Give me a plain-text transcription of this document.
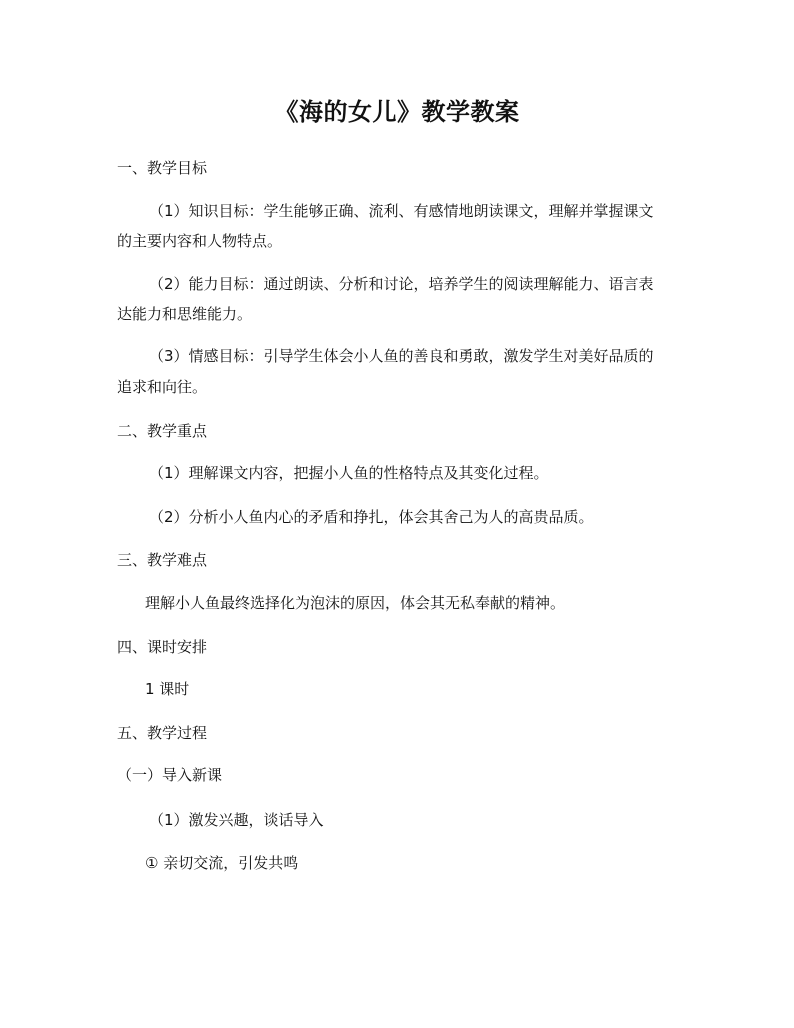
《海的女儿》教学教案
一、教学目标
（1）知识目标：学生能够正确、流利、有感情地朗读课文，理解并掌握课文
的主要内容和人物特点。
（2）能力目标：通过朗读、分析和讨论，培养学生的阅读理解能力、语言表
达能力和思维能力。
（3）情感目标：引导学生体会小人鱼的善良和勇敢，激发学生对美好品质的
追求和向往。
二、教学重点
（1）理解课文内容，把握小人鱼的性格特点及其变化过程。
（2）分析小人鱼内心的矛盾和挣扎，体会其舍己为人的高贵品质。
三、教学难点
理解小人鱼最终选择化为泡沫的原因，体会其无私奉献的精神。
四、课时安排
1 课时
五、教学过程
（一）导入新课
（1）激发兴趣，谈话导入
① 亲切交流，引发共鸣
